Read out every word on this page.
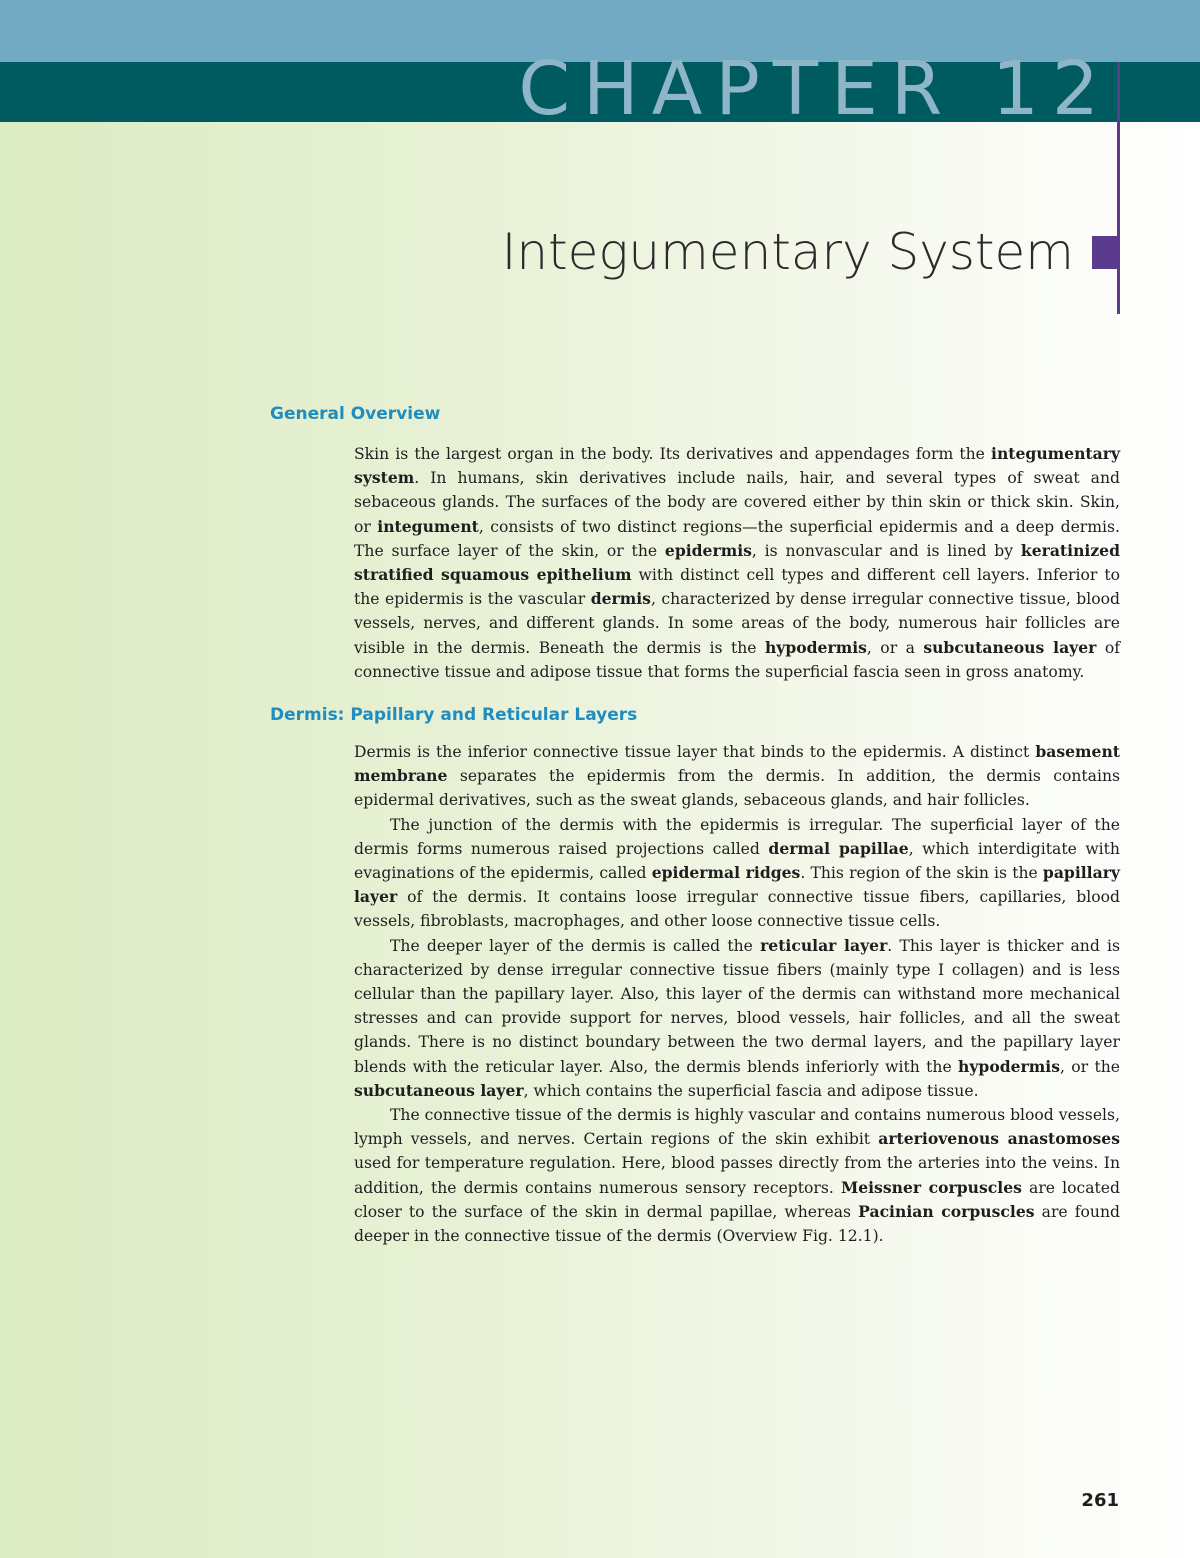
CHAPTER 12
Integumentary System
General Overview

Skin is the largest organ in the body. Its derivatives and appendages form the integumentary system. In humans, skin derivatives include nails, hair, and several types of sweat and sebaceous glands. The surfaces of the body are covered either by thin skin or thick skin. Skin, or integument, consists of two distinct regions—the superficial epidermis and a deep dermis. The surface layer of the skin, or the epidermis, is nonvascular and is lined by keratinized stratified squamous epithelium with distinct cell types and different cell layers. Inferior to the epidermis is the vascular dermis, characterized by dense irregular connective tissue, blood vessels, nerves, and different glands. In some areas of the body, numerous hair follicles are visible in the dermis. Beneath the dermis is the hypodermis, or a subcutaneous layer of connective tissue and adipose tissue that forms the superficial fascia seen in gross anatomy.

Dermis: Papillary and Reticular Layers

Dermis is the inferior connective tissue layer that binds to the epidermis. A distinct basement membrane separates the epidermis from the dermis. In addition, the dermis contains epidermal derivatives, such as the sweat glands, sebaceous glands, and hair follicles.

The junction of the dermis with the epidermis is irregular. The superficial layer of the dermis forms numerous raised projections called dermal papillae, which interdigitate with evaginations of the epidermis, called epidermal ridges. This region of the skin is the papillary layer of the dermis. It contains loose irregular connective tissue fibers, capillaries, blood vessels, fibroblasts, macrophages, and other loose connective tissue cells.

The deeper layer of the dermis is called the reticular layer. This layer is thicker and is characterized by dense irregular connective tissue fibers (mainly type I collagen) and is less cellular than the papillary layer. Also, this layer of the dermis can withstand more mechanical stresses and can provide support for nerves, blood vessels, hair follicles, and all the sweat glands. There is no distinct boundary between the two dermal layers, and the papillary layer blends with the reticular layer. Also, the dermis blends inferiorly with the hypodermis, or the subcutaneous layer, which contains the superficial fascia and adipose tissue.

The connective tissue of the dermis is highly vascular and contains numerous blood vessels, lymph vessels, and nerves. Certain regions of the skin exhibit arteriovenous anastomoses used for temperature regulation. Here, blood passes directly from the arteries into the veins. In addition, the dermis contains numerous sensory receptors. Meissner corpuscles are located closer to the surface of the skin in dermal papillae, whereas Pacinian corpuscles are found deeper in the connective tissue of the dermis (Overview Fig. 12.1).

261
